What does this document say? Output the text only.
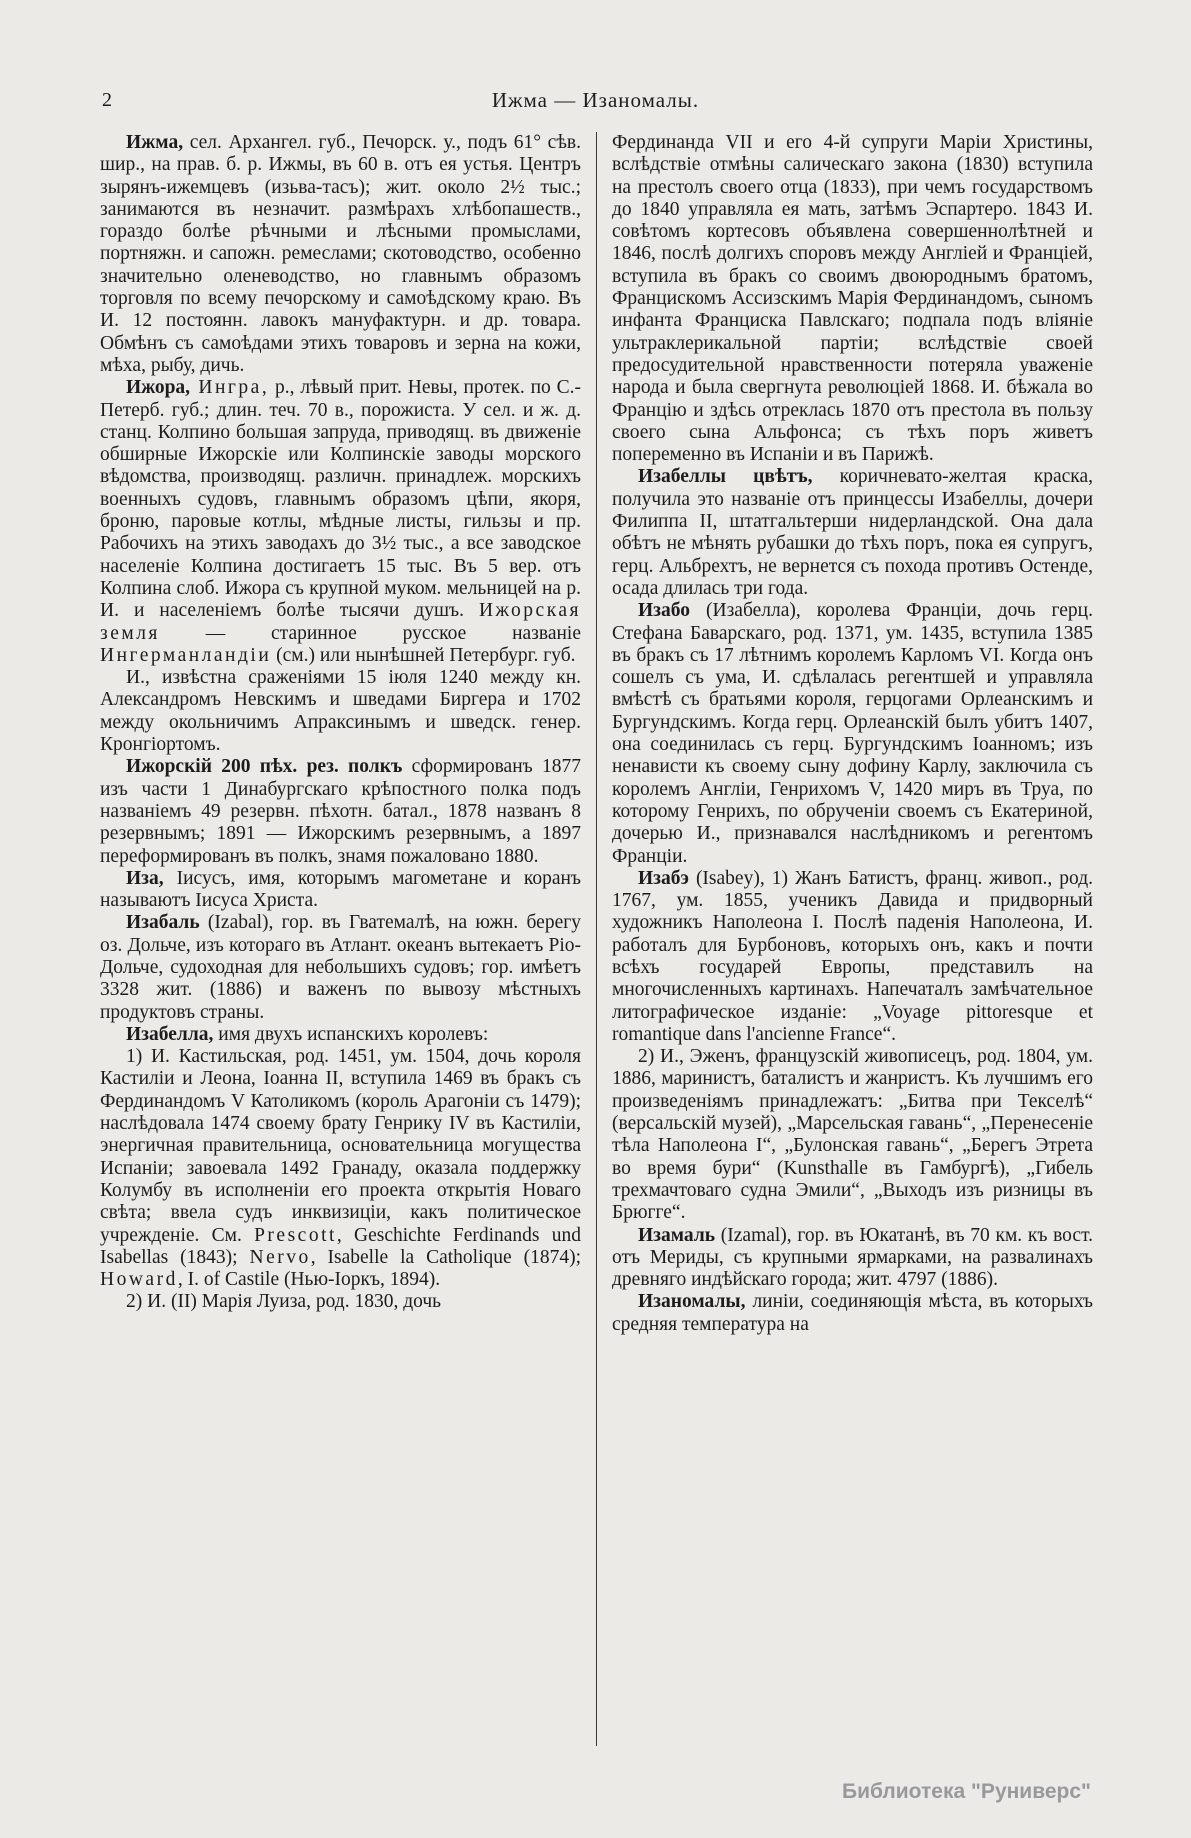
2	Ижма — Изаномалы.

Ижма, сел. Архангел. губ., Печорск. у., подъ 61° сѣв. шир., на прав. б. р. Ижмы, въ 60 в. отъ ея устья. Центръ зырянъ-ижемцевъ (изьва-тасъ); жит. около 2½ тыс.; занимаются въ незначит. размѣрахъ хлѣбопашеств., гораздо болѣе рѣчными и лѣсными промыслами, портняжн. и сапожн. ремеслами; скотоводство, особенно значительно оленеводство, но главнымъ образомъ торговля по всему печорскому и самоѣдскому краю. Въ И. 12 постоянн. лавокъ мануфактурн. и др. товара. Обмѣнъ съ самоѣдами этихъ товаровъ и зерна на кожи, мѣха, рыбу, дичь.

Ижора, Ингра, р., лѣвый прит. Невы, протек. по С.-Петерб. губ.; длин. теч. 70 в., порожиста. У сел. и ж. д. станц. Колпино большая запруда, приводящ. въ движеніе обширные Ижорскіе или Колпинскіе заводы морского вѣдомства, производящ. различн. принадлеж. морскихъ военныхъ судовъ, главнымъ образомъ цѣпи, якоря, броню, паровые котлы, мѣдные листы, гильзы и пр. Рабочихъ на этихъ заводахъ до 3½ тыс., а все заводское населеніе Колпина достигаетъ 15 тыс. Въ 5 вер. отъ Колпина слоб. Ижора съ крупной муком. мельницей на р. И. и населеніемъ болѣе тысячи душъ. Ижорская земля — старинное русское названіе Ингерманландіи (см.) или нынѣшней Петербург. губ.

И., извѣстна сраженіями 15 іюля 1240 между кн. Александромъ Невскимъ и шведами Биргера и 1702 между окольничимъ Апраксинымъ и шведск. генер. Кронгіортомъ.

Ижорскій 200 пѣх. рез. полкъ сформированъ 1877 изъ части 1 Динабургскаго крѣпостного полка подъ названіемъ 49 резервн. пѣхотн. батал., 1878 названъ 8 резервнымъ; 1891 — Ижорскимъ резервнымъ, а 1897 переформированъ въ полкъ, знамя пожаловано 1880.

Иза, Іисусъ, имя, которымъ магометане и коранъ называютъ Іисуса Христа.

Изабаль (Izabal), гор. въ Гватемалѣ, на южн. берегу оз. Дольче, изъ котораго въ Атлант. океанъ вытекаетъ Ріо-Дольче, судоходная для небольшихъ судовъ; гор. имѣетъ 3328 жит. (1886) и важенъ по вывозу мѣстныхъ продуктовъ страны.

Изабелла, имя двухъ испанскихъ королевъ:

1) И. Кастильская, род. 1451, ум. 1504, дочь короля Кастиліи и Леона, Іоанна II, вступила 1469 въ бракъ съ Фердинандомъ V Католикомъ (король Арагоніи съ 1479); наслѣдовала 1474 своему брату Генрику IV въ Кастиліи, энергичная правительница, основательница могущества Испаніи; завоевала 1492 Гранаду, оказала поддержку Колумбу въ исполненіи его проекта открытія Новаго свѣта; ввела судъ инквизиціи, какъ политическое учрежденіе. См. Prescott, Geschichte Ferdinands und Isabellas (1843); Nervo, Isabelle la Catholique (1874); Howard, I. of Castile (Нью-Іоркъ, 1894).

2) И. (II) Марія Луиза, род. 1830, дочь

Фердинанда VII и его 4-й супруги Маріи Христины, вслѣдствіе отмѣны салическаго закона (1830) вступила на престолъ своего отца (1833), при чемъ государствомъ до 1840 управляла ея мать, затѣмъ Эспартеро. 1843 И. совѣтомъ кортесовъ объявлена совершеннолѣтней и 1846, послѣ долгихъ споровъ между Англіей и Франціей, вступила въ бракъ со своимъ двоюроднымъ братомъ, Францискомъ Ассизскимъ Марія Фердинандомъ, сыномъ инфанта Франциска Павлскаго; подпала подъ вліяніе ультраклерикальной партіи; вслѣдствіе своей предосудительной нравственности потеряла уваженіе народа и была свергнута революціей 1868. И. бѣжала во Францію и здѣсь отреклась 1870 отъ престола въ пользу своего сына Альфонса; съ тѣхъ поръ живетъ попеременно въ Испаніи и въ Парижѣ.

Изабеллы цвѣтъ, коричневато-желтая краска, получила это названіе отъ принцессы Изабеллы, дочери Филиппа II, штатгальтерши нидерландской. Она дала обѣтъ не мѣнять рубашки до тѣхъ поръ, пока ея супругъ, герц. Альбрехтъ, не вернется съ похода противъ Остенде, осада длилась три года.

Изабо (Изабелла), королева Франціи, дочь герц. Стефана Баварскаго, род. 1371, ум. 1435, вступила 1385 въ бракъ съ 17 лѣтнимъ королемъ Карломъ VI. Когда онъ сошелъ съ ума, И. сдѣлалась регентшей и управляла вмѣстѣ съ братьями короля, герцогами Орлеанскимъ и Бургундскимъ. Когда герц. Орлеанскій былъ убитъ 1407, она соединилась съ герц. Бургундскимъ Іоанномъ; изъ ненависти къ своему сыну дофину Карлу, заключила съ королемъ Англіи, Генрихомъ V, 1420 миръ въ Труа, по которому Генрихъ, по обрученіи своемъ съ Екатериной, дочерью И., признавался наслѣдникомъ и регентомъ Франціи.

Изабэ (Isabey), 1) Жанъ Батистъ, франц. живоп., род. 1767, ум. 1855, ученикъ Давида и придворный художникъ Наполеона I. Послѣ паденія Наполеона, И. работалъ для Бурбоновъ, которыхъ онъ, какъ и почти всѣхъ государей Европы, представилъ на многочисленныхъ картинахъ. Напечаталъ замѣчательное литографическое изданіе: „Voyage pittoresque et romantique dans l'ancienne France“.

2) И., Эженъ, французскій живописецъ, род. 1804, ум. 1886, маринистъ, баталистъ и жанристъ. Къ лучшимъ его произведеніямъ принадлежатъ: „Битва при Текселѣ“ (версальскій музей), „Марсельская гавань“, „Перенесеніе тѣла Наполеона I“, „Булонская гавань“, „Берегъ Этрета во время бури“ (Kunsthalle въ Гамбургѣ), „Гибель трехмачтоваго судна Эмили“, „Выходъ изъ ризницы въ Брюгге“.

Изамаль (Izamal), гор. въ Юкатанѣ, въ 70 км. къ вост. отъ Мериды, съ крупными ярмарками, на развалинахъ древняго индѣйскаго города; жит. 4797 (1886).

Изаномалы, линіи, соединяющія мѣста, въ которыхъ средняя температура на

Библиотека "Руниверс"
